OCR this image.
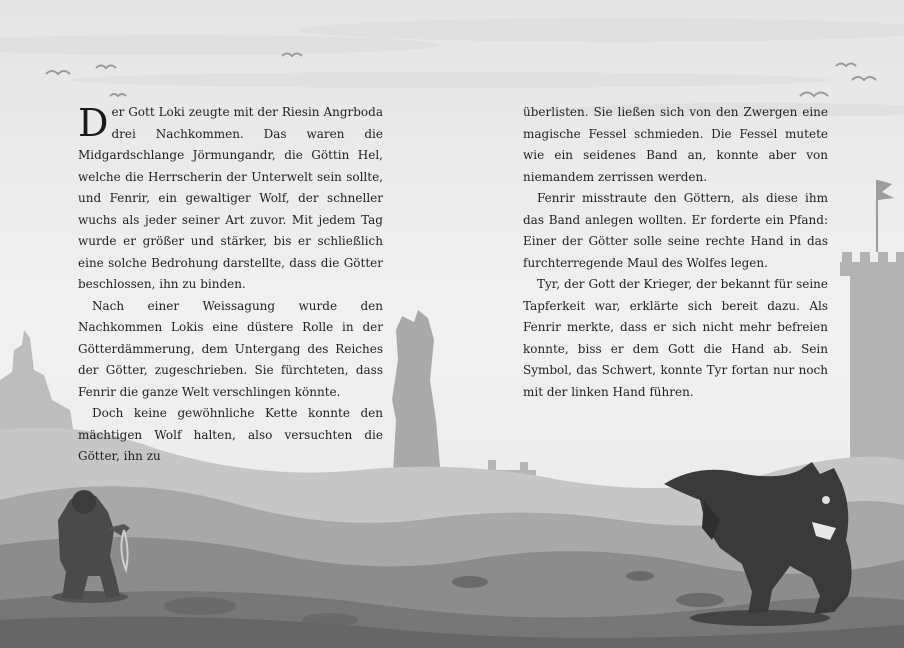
Der Gott Loki zeugte mit der Riesin Angrboda drei Nachkommen. Das waren die Midgardschlange Jörmungandr, die Göttin Hel, welche die Herrscherin der Unterwelt sein sollte, und Fenrir, ein gewaltiger Wolf, der schneller wuchs als jeder seiner Art zuvor. Mit jedem Tag wurde er größer und stärker, bis er schließlich eine solche Bedrohung darstellte, dass die Götter beschlossen, ihn zu binden.

Nach einer Weissagung wurde den Nachkommen Lokis eine düstere Rolle in der Götterdämmerung, dem Untergang des Reiches der Götter, zugeschrieben. Sie fürchteten, dass Fenrir die ganze Welt verschlingen könnte.

Doch keine gewöhnliche Kette konnte den mächtigen Wolf halten, also versuchten die Götter, ihn zu

überlisten. Sie ließen sich von den Zwergen eine magische Fessel schmieden. Die Fessel mutete wie ein seidenes Band an, konnte aber von niemandem zerrissen werden.

Fenrir misstraute den Göttern, als diese ihm das Band anlegen wollten. Er forderte ein Pfand: Einer der Götter solle seine rechte Hand in das furchterregende Maul des Wolfes legen.

Tyr, der Gott der Krieger, der bekannt für seine Tapferkeit war, erklärte sich bereit dazu. Als Fenrir merkte, dass er sich nicht mehr befreien konnte, biss er dem Gott die Hand ab. Sein Symbol, das Schwert, konnte Tyr fortan nur noch mit der linken Hand führen.
